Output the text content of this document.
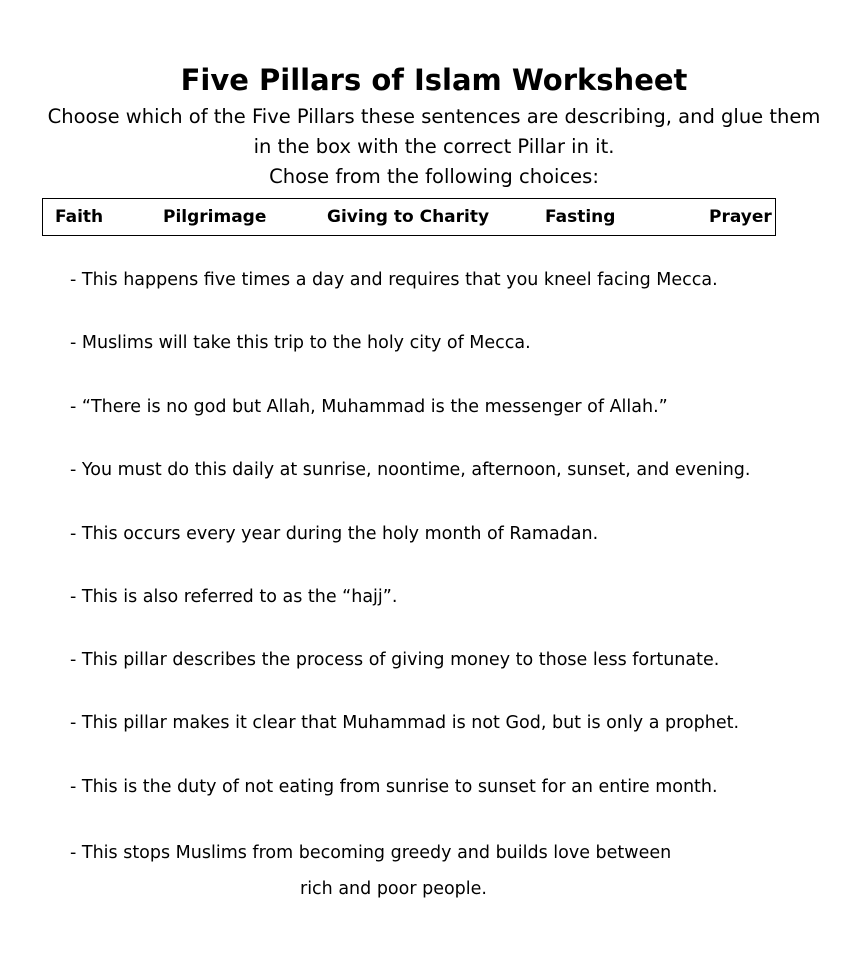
Five Pillars of Islam Worksheet
Choose which of the Five Pillars these sentences are describing, and glue them
in the box with the correct Pillar in it.
Chose from the following choices:
Faith	Pilgrimage	Giving to Charity	Fasting	Prayer
- This happens five times a day and requires that you kneel facing Mecca.
- Muslims will take this trip to the holy city of Mecca.
- “There is no god but Allah, Muhammad is the messenger of Allah.”
- You must do this daily at sunrise, noontime, afternoon, sunset, and evening.
- This occurs every year during the holy month of Ramadan.
- This is also referred to as the “hajj”.
- This pillar describes the process of giving money to those less fortunate.
- This pillar makes it clear that Muhammad is not God, but is only a prophet.
- This is the duty of not eating from sunrise to sunset for an entire month.
- This stops Muslims from becoming greedy and builds love between
rich and poor people.
